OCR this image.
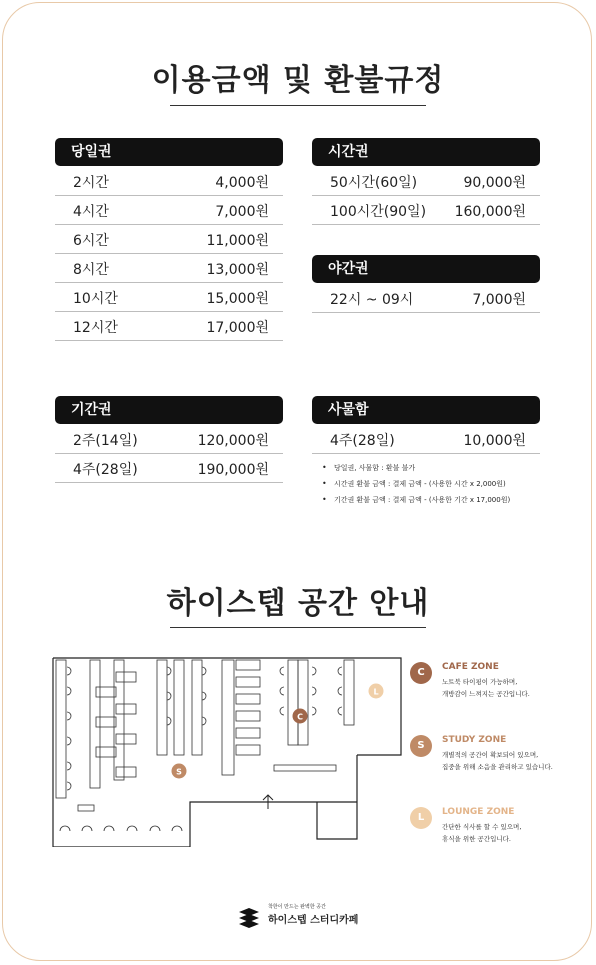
이용금액 및 환불규정
당일권
2시간	4,000원
4시간	7,000원
6시간	11,000원
8시간	13,000원
10시간	15,000원
12시간	17,000원
시간권
50시간(60일)	90,000원
100시간(90일) 160,000원
야간권
22시 ~ 09시	7,000원
기간권
2주(14일)	120,000원
4주(28일)	190,000원
사물함
4주(28일)	10,000원
• 당일권, 사물함 : 환불 불가
• 시간권 환불 금액 : 결제 금액 - (사용한 시간 x 2,000원)
• 기간권 환불 금액 : 결제 금액 - (사용한 기간 x 17,000원)
하이스텝 공간 안내
C
S
L
C	CAFE ZONE
노트북 타이핑이 가능하며,
개방감이 느껴지는 공간입니다.
S	STUDY ZONE
개별적의 공간이 확보되어 있으며,
집중을 위해 소음을 관리하고 있습니다.
L	LOUNGE ZONE
간단한 식사를 할 수 있으며,
휴식을 위한 공간입니다.
착한이 만드는 완벽한 공간
하이스텝 스터디카페
